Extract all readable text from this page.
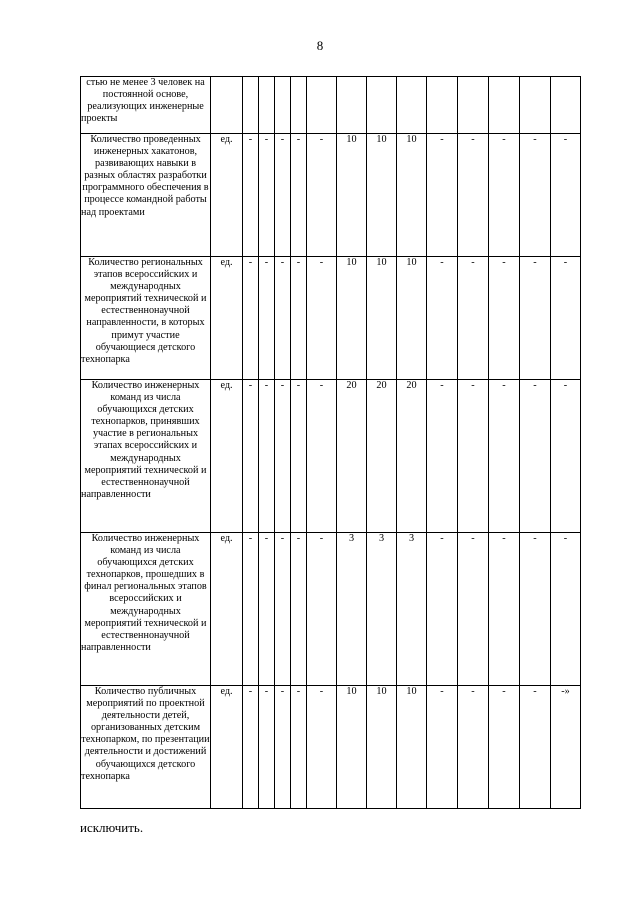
8
стью не менее 3 человек на постоянной основе, реализующих инженерные проекты														
Количество проведенных инженерных хакатонов, развивающих навыки в разных областях разработки программного обеспечения в процессе командной работы над проектами	ед.	-	-	-	-	-	10	10	10	-	-	-	-	-
Количество региональных этапов всероссийских и международных мероприятий технической и естественнонаучной направленности, в которых примут участие обучающиеся детского технопарка	ед.	-	-	-	-	-	10	10	10	-	-	-	-	-
Количество инженерных команд из числа обучающихся детских технопарков, принявших участие в региональных этапах всероссийских и международных мероприятий технической и естественнонаучной направленности	ед.	-	-	-	-	-	20	20	20	-	-	-	-	-
Количество инженерных команд из числа обучающихся детских технопарков, прошедших в финал региональных этапов всероссийских и международных мероприятий технической и естественнонаучной направленности	ед.	-	-	-	-	-	3	3	3	-	-	-	-	-
Количество публичных мероприятий по проектной деятельности детей, организованных детским технопарком, по презентации деятельности и достижений обучающихся детского технопарка	ед.	-	-	-	-	-	10	10	10	-	-	-	-	-»
исключить.
